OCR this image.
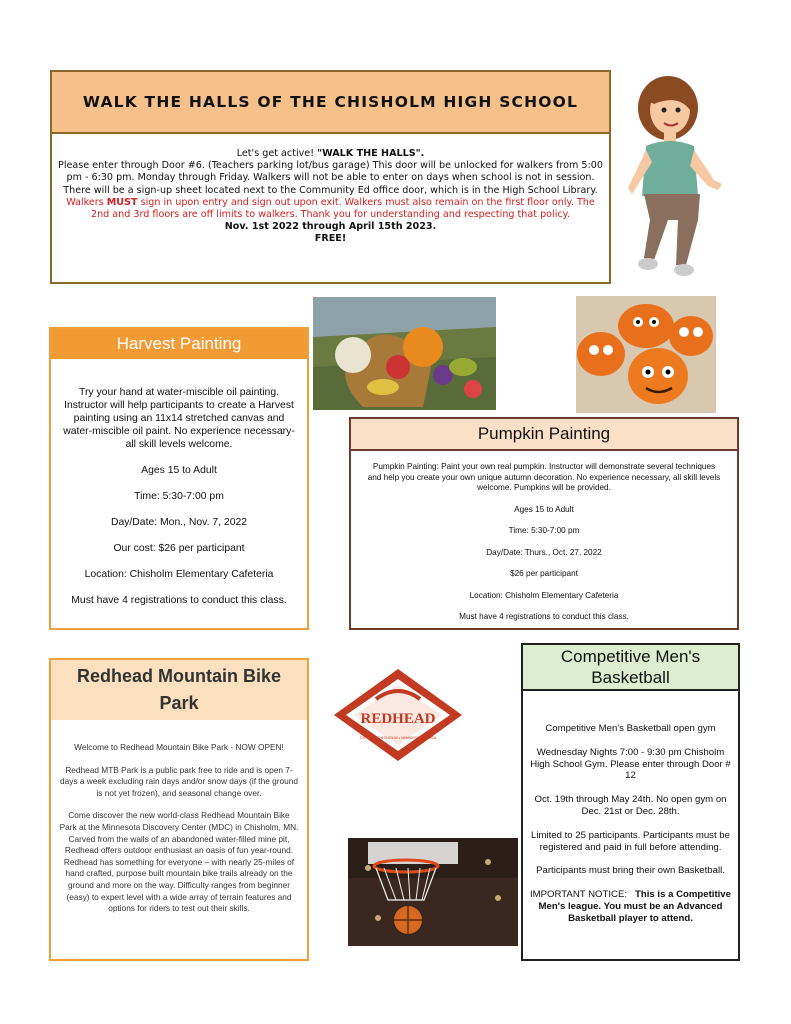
WALK THE HALLS OF THE CHISHOLM HIGH SCHOOL

Let's get active! "WALK THE HALLS".

Please enter through Door #6. (Teachers parking lot/bus garage) This door will be unlocked for walkers from 5:00 pm - 6:30 pm. Monday through Friday. Walkers will not be able to enter on days when school is not in session.

There will be a sign-up sheet located next to the Community Ed office door, which is in the High School Library.

Walkers MUST sign in upon entry and sign out upon exit. Walkers must also remain on the first floor only. The 2nd and 3rd floors are off limits to walkers. Thank you for understanding and respecting that policy.

Nov. 1st 2022 through April 15th 2023.

FREE!

Harvest Painting

Try your hand at water-miscible oil painting. Instructor will help participants to create a Harvest painting using an 11x14 stretched canvas and water-miscible oil paint. No experience necessary-all skill levels welcome.

Ages 15 to Adult

Time: 5:30-7:00 pm

Day/Date: Mon., Nov. 7, 2022

Our cost: $26 per participant

Location: Chisholm Elementary Cafeteria

Must have 4 registrations to conduct this class.

Pumpkin Painting

Pumpkin Painting: Paint your own real pumpkin. Instructor will demonstrate several techniques and help you create your own unique autumn decoration. No experience necessary, all skill levels welcome. Pumpkins will be provided.

Ages 15 to Adult

Time: 5:30-7:00 pm

Day/Date: Thurs., Oct. 27, 2022

$26 per participant

Location: Chisholm Elementary Cafeteria

Must have 4 registrations to conduct this class.

Redhead Mountain Bike Park

Welcome to Redhead Mountain Bike Park - NOW OPEN!

Redhead MTB Park is a public park free to ride and is open 7-days a week excluding rain days and/or snow days (if the ground is not yet frozen), and seasonal change over.

Come discover the new world-class Redhead Mountain Bike Park at the Minnesota Discovery Center (MDC) in Chisholm, MN. Carved from the walls of an abandoned water-filled mine pit, Redhead offers outdoor enthusiast an oasis of fun year-round. Redhead has something for everyone – with nearly 25-miles of hand crafted, purpose built mountain bike trails already on the ground and more on the way. Difficulty ranges from beginner (easy) to expert level with a wide array of terrain features and options for riders to test out their skills.

REDHEAD
CITY OF CHISHOLM • MINNESOTA • USA
Competitive Men's Basketball

Competitive Men's Basketball open gym

Wednesday Nights 7:00 - 9:30 pm Chisholm High School Gym. Please enter through Door # 12

Oct. 19th through May 24th. No open gym on Dec. 21st or Dec. 28th.

Limited to 25 participants. Participants must be registered and paid in full before attending.

Participants must bring their own Basketball.

IMPORTANT NOTICE: This is a Competitive Men's league. You must be an Advanced Basketball player to attend.
